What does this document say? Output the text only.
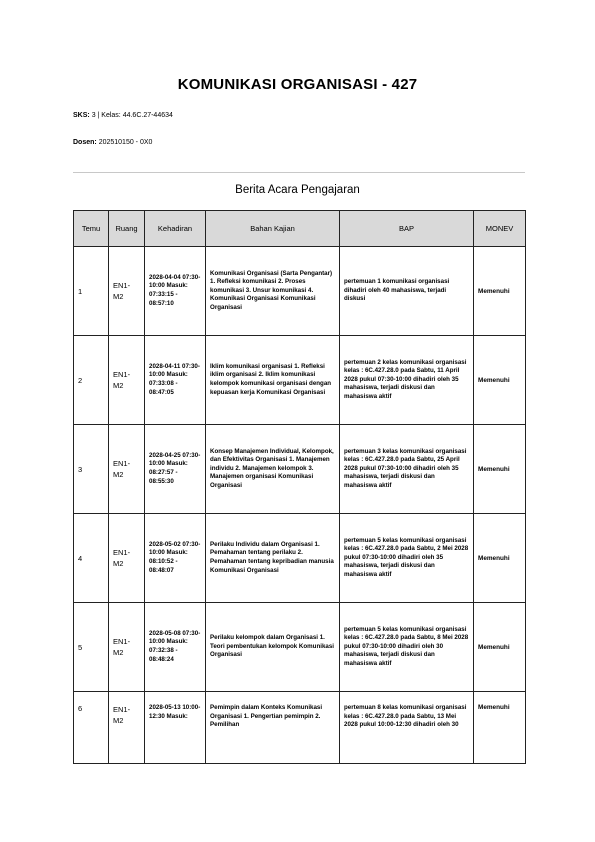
KOMUNIKASI ORGANISASI - 427
SKS: 3 | Kelas: 44.6C.27-44634
Dosen: 202510150 - 0X0
Berita Acara Pengajaran
Temu	Ruang	Kehadiran	Bahan Kajian	BAP	MONEV
1	EN1-M2	2028-04-04 07:30-10:00 Masuk: 07:33:15 - 08:57:10	Komunikasi Organisasi (Sarta Pengantar) 1. Refleksi komunikasi 2. Proses komunikasi 3. Unsur komunikasi 4. Komunikasi Organisasi Komunikasi Organisasi	pertemuan 1 komunikasi organisasi dihadiri oleh 40 mahasiswa, terjadi diskusi	Memenuhi
2	EN1-M2	2028-04-11 07:30-10:00 Masuk: 07:33:08 - 08:47:05	Iklim komunikasi organisasi 1. Refleksi iklim organisasi 2. Iklim komunikasi kelompok komunikasi organisasi dengan kepuasan kerja Komunikasi Organisasi	pertemuan 2 kelas komunikasi organisasi kelas : 6C.427.28.0 pada Sabtu, 11 April 2028 pukul 07:30-10:00 dihadiri oleh 35 mahasiswa, terjadi diskusi dan mahasiswa aktif	Memenuhi
3	EN1-M2	2028-04-25 07:30-10:00 Masuk: 08:27:57 - 08:55:30	Konsep Manajemen Individual, Kelompok, dan Efektivitas Organisasi 1. Manajemen individu 2. Manajemen kelompok 3. Manajemen organisasi Komunikasi Organisasi	pertemuan 3 kelas komunikasi organisasi kelas : 6C.427.28.0 pada Sabtu, 25 April 2028 pukul 07:30-10:00 dihadiri oleh 35 mahasiswa, terjadi diskusi dan mahasiswa aktif	Memenuhi
4	EN1-M2	2028-05-02 07:30-10:00 Masuk: 08:10:52 - 08:48:07	Perilaku Individu dalam Organisasi 1. Pemahaman tentang perilaku 2. Pemahaman tentang kepribadian manusia Komunikasi Organisasi	pertemuan 5 kelas komunikasi organisasi kelas : 6C.427.28.0 pada Sabtu, 2 Mei 2028 pukul 07:30-10:00 dihadiri oleh 35 mahasiswa, terjadi diskusi dan mahasiswa aktif	Memenuhi
5	EN1-M2	2028-05-08 07:30-10:00 Masuk: 07:32:38 - 08:48:24	Perilaku kelompok dalam Organisasi 1. Teori pembentukan kelompok Komunikasi Organisasi	pertemuan 5 kelas komunikasi organisasi kelas : 6C.427.28.0 pada Sabtu, 8 Mei 2028 pukul 07:30-10:00 dihadiri oleh 30 mahasiswa, terjadi diskusi dan mahasiswa aktif	Memenuhi
6	EN1-M2	2028-05-13 10:00-12:30 Masuk:	Pemimpin dalam Konteks Komunikasi Organisasi 1. Pengertian pemimpin 2. Pemilihan	pertemuan 8 kelas komunikasi organisasi kelas : 6C.427.28.0 pada Sabtu, 13 Mei 2028 pukul 10:00-12:30 dihadiri oleh 30	Memenuhi
